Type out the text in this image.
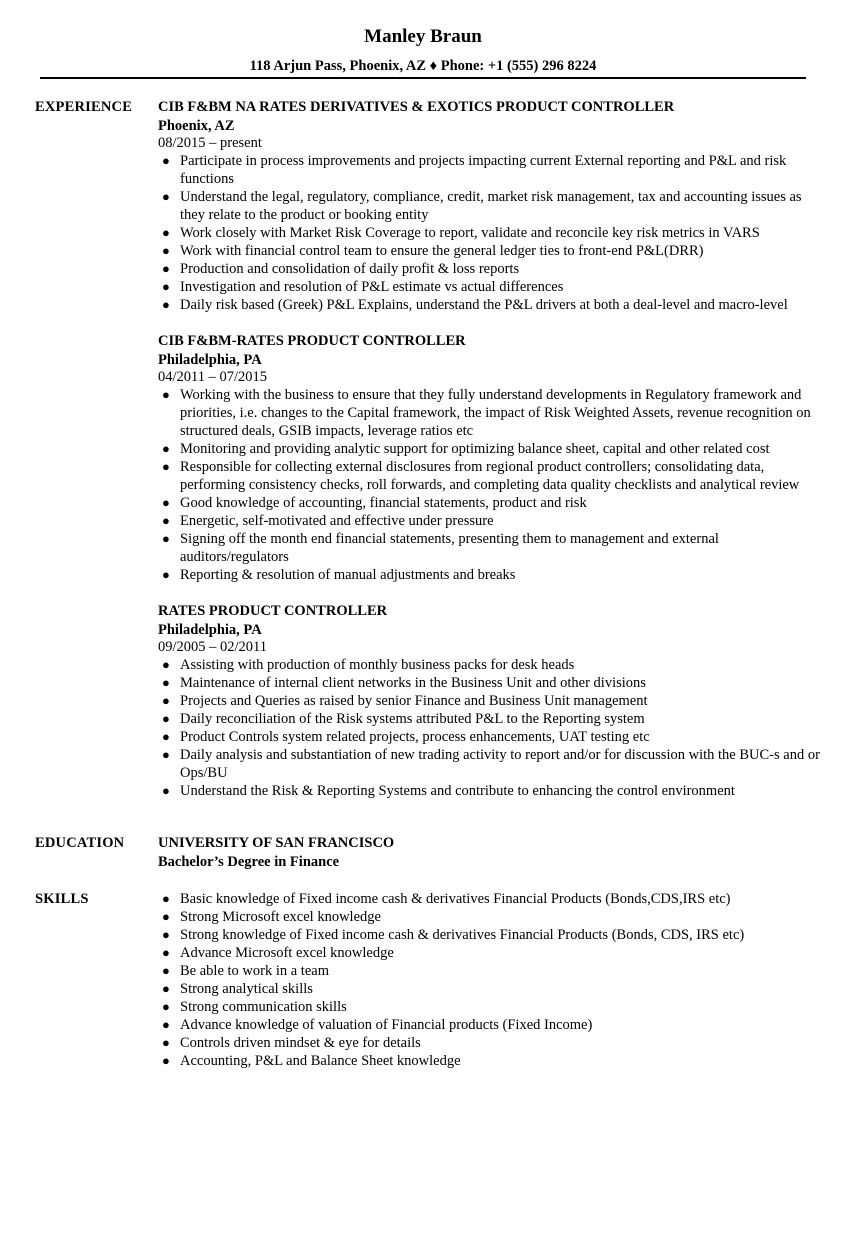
Manley Braun
118 Arjun Pass, Phoenix, AZ ♦ Phone: +1 (555) 296 8224
EXPERIENCE CIB F&BM NA RATES DERIVATIVES & EXOTICS PRODUCT CONTROLLER
Phoenix, AZ
08/2015 – present
● Participate in process improvements and projects impacting current External reporting and P&L and risk functions
● Understand the legal, regulatory, compliance, credit, market risk management, tax and accounting issues as they relate to the product or booking entity
● Work closely with Market Risk Coverage to report, validate and reconcile key risk metrics in VARS
● Work with financial control team to ensure the general ledger ties to front-end P&L(DRR)
● Production and consolidation of daily profit & loss reports
● Investigation and resolution of P&L estimate vs actual differences
● Daily risk based (Greek) P&L Explains, understand the P&L drivers at both a deal-level and macro-level
CIB F&BM-RATES PRODUCT CONTROLLER
Philadelphia, PA
04/2011 – 07/2015
● Working with the business to ensure that they fully understand developments in Regulatory framework and priorities, i.e. changes to the Capital framework, the impact of Risk Weighted Assets, revenue recognition on structured deals, GSIB impacts, leverage ratios etc
● Monitoring and providing analytic support for optimizing balance sheet, capital and other related cost
● Responsible for collecting external disclosures from regional product controllers; consolidating data, performing consistency checks, roll forwards, and completing data quality checklists and analytical review
● Good knowledge of accounting, financial statements, product and risk
● Energetic, self-motivated and effective under pressure
● Signing off the month end financial statements, presenting them to management and external auditors/regulators
● Reporting & resolution of manual adjustments and breaks
RATES PRODUCT CONTROLLER
Philadelphia, PA
09/2005 – 02/2011
● Assisting with production of monthly business packs for desk heads
● Maintenance of internal client networks in the Business Unit and other divisions
● Projects and Queries as raised by senior Finance and Business Unit management
● Daily reconciliation of the Risk systems attributed P&L to the Reporting system
● Product Controls system related projects, process enhancements, UAT testing etc
● Daily analysis and substantiation of new trading activity to report and/or for discussion with the BUC-s and or Ops/BU
● Understand the Risk & Reporting Systems and contribute to enhancing the control environment
EDUCATION UNIVERSITY OF SAN FRANCISCO
Bachelor’s Degree in Finance
SKILLS	● Basic knowledge of Fixed income cash & derivatives Financial Products (Bonds,CDS,IRS etc)
● Strong Microsoft excel knowledge
● Strong knowledge of Fixed income cash & derivatives Financial Products (Bonds, CDS, IRS etc)
● Advance Microsoft excel knowledge
● Be able to work in a team
● Strong analytical skills
● Strong communication skills
● Advance knowledge of valuation of Financial products (Fixed Income)
● Controls driven mindset & eye for details
● Accounting, P&L and Balance Sheet knowledge
